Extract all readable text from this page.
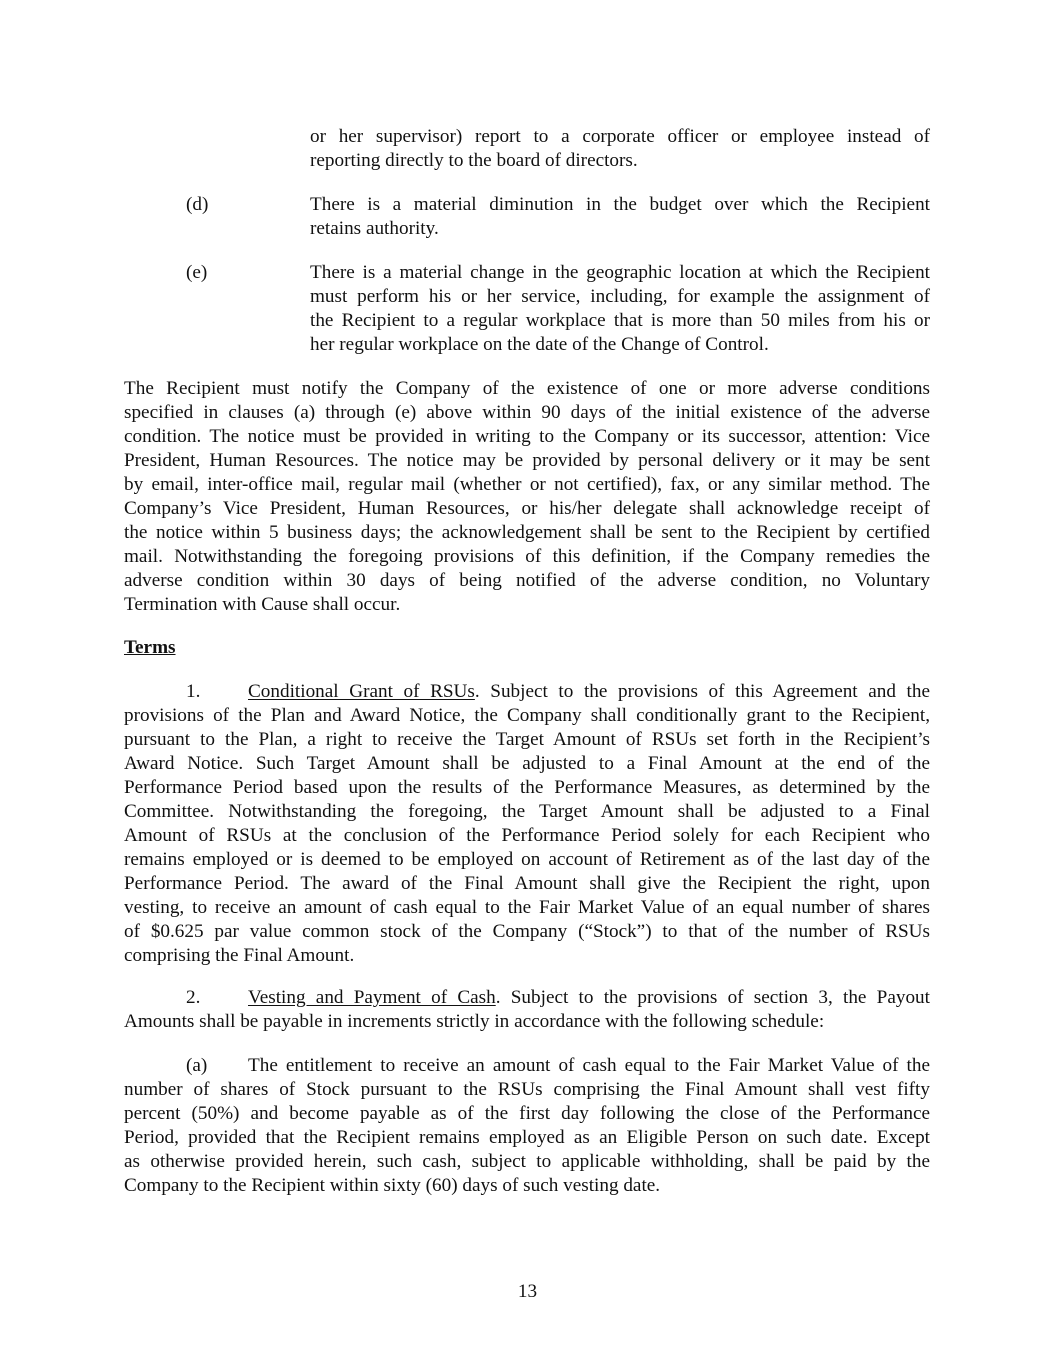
or her supervisor) report to a corporate officer or employee instead of
reporting directly to the board of directors.
(d)	There is a material diminution in the budget over which the Recipient
retains authority.
(e)	There is a material change in the geographic location at which the Recipient
must perform his or her service, including, for example the assignment of
the Recipient to a regular workplace that is more than 50 miles from his or
her regular workplace on the date of the Change of Control.
The Recipient must notify the Company of the existence of one or more adverse conditions
specified in clauses (a) through (e) above within 90 days of the initial existence of the adverse
condition. The notice must be provided in writing to the Company or its successor, attention: Vice
President, Human Resources. The notice may be provided by personal delivery or it may be sent
by email, inter-office mail, regular mail (whether or not certified), fax, or any similar method. The
Company’s Vice President, Human Resources, or his/her delegate shall acknowledge receipt of
the notice within 5 business days; the acknowledgement shall be sent to the Recipient by certified
mail. Notwithstanding the foregoing provisions of this definition, if the Company remedies the
adverse condition within 30 days of being notified of the adverse condition, no Voluntary
Termination with Cause shall occur.
Terms
1. Conditional Grant of RSUs. Subject to the provisions of this Agreement and the
provisions of the Plan and Award Notice, the Company shall conditionally grant to the Recipient,
pursuant to the Plan, a right to receive the Target Amount of RSUs set forth in the Recipient’s
Award Notice. Such Target Amount shall be adjusted to a Final Amount at the end of the
Performance Period based upon the results of the Performance Measures, as determined by the
Committee. Notwithstanding the foregoing, the Target Amount shall be adjusted to a Final
Amount of RSUs at the conclusion of the Performance Period solely for each Recipient who
remains employed or is deemed to be employed on account of Retirement as of the last day of the
Performance Period. The award of the Final Amount shall give the Recipient the right, upon
vesting, to receive an amount of cash equal to the Fair Market Value of an equal number of shares
of $0.625 par value common stock of the Company (“Stock”) to that of the number of RSUs
comprising the Final Amount.
2. Vesting and Payment of Cash. Subject to the provisions of section 3, the Payout
Amounts shall be payable in increments strictly in accordance with the following schedule:
(a) The entitlement to receive an amount of cash equal to the Fair Market Value of the
number of shares of Stock pursuant to the RSUs comprising the Final Amount shall vest fifty
percent (50%) and become payable as of the first day following the close of the Performance
Period, provided that the Recipient remains employed as an Eligible Person on such date. Except
as otherwise provided herein, such cash, subject to applicable withholding, shall be paid by the
Company to the Recipient within sixty (60) days of such vesting date.
13
